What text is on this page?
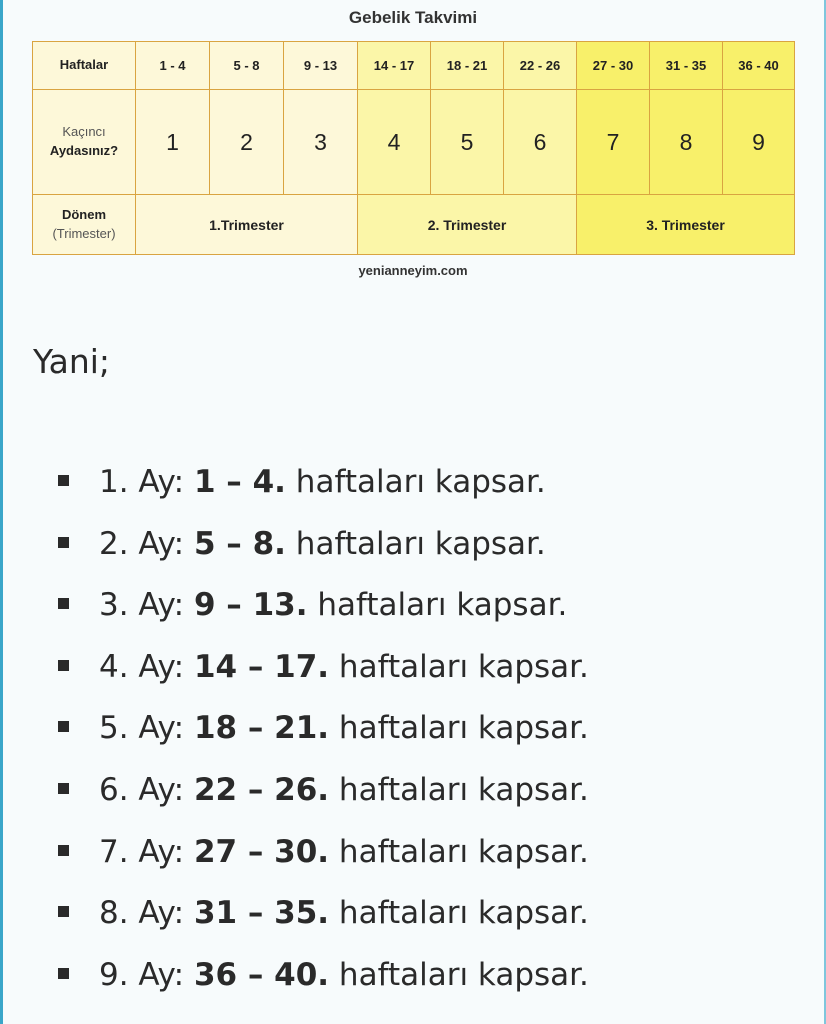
Gebelik Takvimi
Haftalar	1 - 4	5 - 8	9 - 13	14 - 17	18 - 21	22 - 26	27 - 30	31 - 35	36 - 40

Kaçıncı
Aydasınız?	1	2	3	4	5	6	7	8	9

Dönem
(Trimester)	1.Trimester			2. Trimester			3. Trimester		
yenianneyim.com
Yani;
1. Ay: 1 – 4. haftaları kapsar.
2. Ay: 5 – 8. haftaları kapsar.
3. Ay: 9 – 13. haftaları kapsar.
4. Ay: 14 – 17. haftaları kapsar.
5. Ay: 18 – 21. haftaları kapsar.
6. Ay: 22 – 26. haftaları kapsar.
7. Ay: 27 – 30. haftaları kapsar.
8. Ay: 31 – 35. haftaları kapsar.
9. Ay: 36 – 40. haftaları kapsar.
